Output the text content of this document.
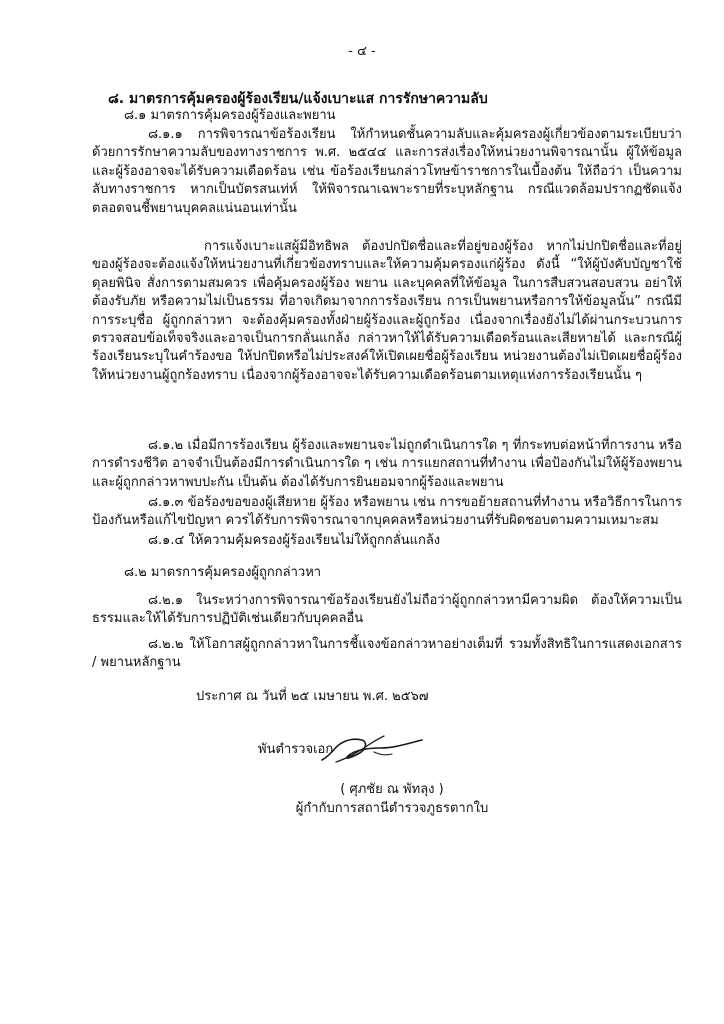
- ๔ -
๘. มาตรการคุ้มครองผู้ร้องเรียน/แจ้งเบาะแส การรักษาความลับ
๘.๑ มาตรการคุ้มครองผู้ร้องและพยาน
๘.๑.๑ การพิจารณาข้อร้องเรียน ให้กำหนดชั้นความลับและคุ้มครองผู้เกี่ยวข้องตามระเบียบว่าด้วยการรักษาความลับของทางราชการ พ.ศ. ๒๕๔๔ และการส่งเรื่องให้หน่วยงานพิจารณานั้น ผู้ให้ข้อมูล และผู้ร้องอาจจะได้รับความเดือดร้อน เช่น ข้อร้องเรียนกล่าวโทษข้าราชการในเบื้องต้น ให้ถือว่า เป็นความลับทางราชการ หากเป็นบัตรสนเท่ห์ ให้พิจารณาเฉพาะรายที่ระบุหลักฐาน กรณีแวดล้อมปรากฏชัดแจ้ง ตลอดจนชี้พยานบุคคลแน่นอนเท่านั้น
การแจ้งเบาะแสผู้มีอิทธิพล ต้องปกปิดชื่อและที่อยู่ของผู้ร้อง หากไม่ปกปิดชื่อและที่อยู่ของผู้ร้องจะต้องแจ้งให้หน่วยงานที่เกี่ยวข้องทราบและให้ความคุ้มครองแก่ผู้ร้อง ดังนี้ “ให้ผู้บังคับบัญชาใช้ดุลยพินิจ สั่งการตามสมควร เพื่อคุ้มครองผู้ร้อง พยาน และบุคคลที่ให้ข้อมูล ในการสืบสวนสอบสวน อย่าให้ต้องรับภัย หรือความไม่เป็นธรรม ที่อาจเกิดมาจากการร้องเรียน การเป็นพยานหรือการให้ข้อมูลนั้น” กรณีมีการระบุชื่อ ผู้ถูกกล่าวหา จะต้องคุ้มครองทั้งฝ่ายผู้ร้องและผู้ถูกร้อง เนื่องจากเรื่องยังไม่ได้ผ่านกระบวนการตรวจสอบข้อเท็จจริงและอาจเป็นการกลั่นแกล้ง กล่าวหาให้ได้รับความเดือดร้อนและเสียหายได้ และกรณีผู้ร้องเรียนระบุในคำร้องขอ ให้ปกปิดหรือไม่ประสงค์ให้เปิดเผยชื่อผู้ร้องเรียน หน่วยงานต้องไม่เปิดเผยชื่อผู้ร้องให้หน่วยงานผู้ถูกร้องทราบ เนื่องจากผู้ร้องอาจจะได้รับความเดือดร้อนตามเหตุแห่งการร้องเรียนนั้น ๆ
๘.๑.๒ เมื่อมีการร้องเรียน ผู้ร้องและพยานจะไม่ถูกดำเนินการใด ๆ ที่กระทบต่อหน้าที่การงาน หรือการดำรงชีวิต อาจจำเป็นต้องมีการดำเนินการใด ๆ เช่น การแยกสถานที่ทำงาน เพื่อป้องกันไม่ให้ผู้ร้องพยาน และผู้ถูกกล่าวหาพบปะกัน เป็นต้น ต้องได้รับการยินยอมจากผู้ร้องและพยาน
๘.๑.๓ ข้อร้องขอของผู้เสียหาย ผู้ร้อง หรือพยาน เช่น การขอย้ายสถานที่ทำงาน หรือวิธีการในการป้องกันหรือแก้ไขปัญหา ควรได้รับการพิจารณาจากบุคคลหรือหน่วยงานที่รับผิดชอบตามความเหมาะสม
๘.๑.๔ ให้ความคุ้มครองผู้ร้องเรียนไม่ให้ถูกกลั่นแกล้ง
๘.๒ มาตรการคุ้มครองผู้ถูกกล่าวหา
๘.๒.๑ ในระหว่างการพิจารณาข้อร้องเรียนยังไม่ถือว่าผู้ถูกกล่าวหามีความผิด ต้องให้ความเป็นธรรมและให้ได้รับการปฏิบัติเช่นเดียวกับบุคคลอื่น
๘.๒.๒ ให้โอกาสผู้ถูกกล่าวหาในการชี้แจงข้อกล่าวหาอย่างเต็มที่ รวมทั้งสิทธิในการแสดงเอกสาร / พยานหลักฐาน
ประกาศ ณ วันที่ ๒๕ เมษายน พ.ศ. ๒๕๖๗
พันตำรวจเอก
( ศุภชัย ณ พัทลุง )
ผู้กำกับการสถานีตำรวจภูธรตากใบ
